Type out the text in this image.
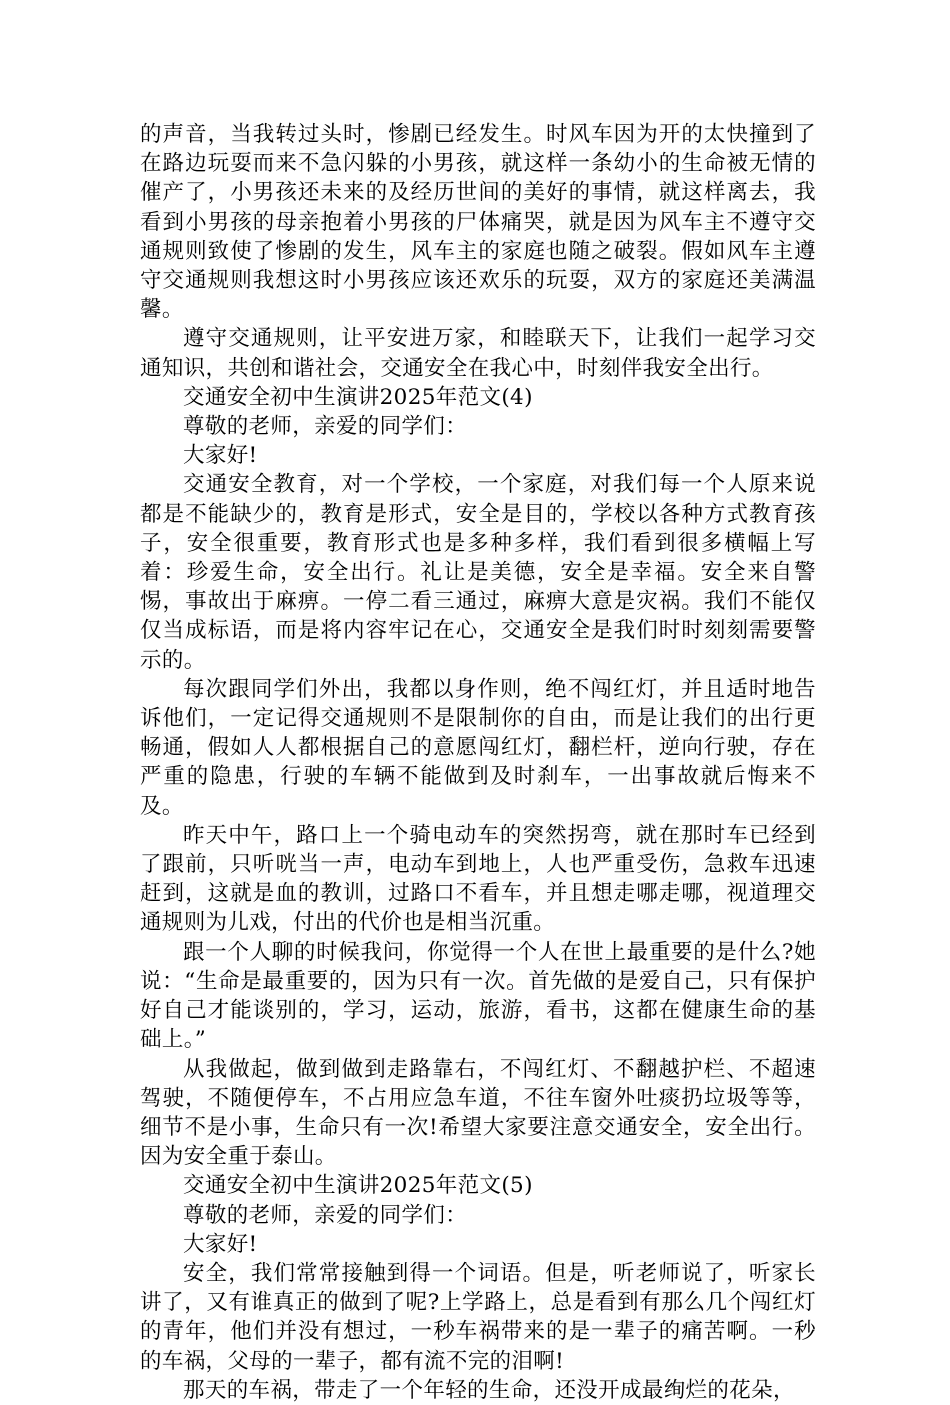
的声音，当我转过头时，惨剧已经发生。时风车因为开的太快撞到了在路边玩耍而来不急闪躲的小男孩，就这样一条幼小的生命被无情的催产了，小男孩还未来的及经历世间的美好的事情，就这样离去，我看到小男孩的母亲抱着小男孩的尸体痛哭，就是因为风车主不遵守交通规则致使了惨剧的发生，风车主的家庭也随之破裂。假如风车主遵守交通规则我想这时小男孩应该还欢乐的玩耍，双方的家庭还美满温馨。

遵守交通规则，让平安进万家，和睦联天下，让我们一起学习交通知识，共创和谐社会，交通安全在我心中，时刻伴我安全出行。

交通安全初中生演讲2025年范文(4)

尊敬的老师，亲爱的同学们：

大家好!

交通安全教育，对一个学校，一个家庭，对我们每一个人原来说都是不能缺少的，教育是形式，安全是目的，学校以各种方式教育孩子，安全很重要，教育形式也是多种多样，我们看到很多横幅上写着：珍爱生命，安全出行。礼让是美德，安全是幸福。安全来自警惕，事故出于麻痹。一停二看三通过，麻痹大意是灾祸。我们不能仅仅当成标语，而是将内容牢记在心，交通安全是我们时时刻刻需要警示的。

每次跟同学们外出，我都以身作则，绝不闯红灯，并且适时地告诉他们，一定记得交通规则不是限制你的自由，而是让我们的出行更畅通，假如人人都根据自己的意愿闯红灯，翻栏杆，逆向行驶，存在严重的隐患，行驶的车辆不能做到及时刹车，一出事故就后悔来不及。

昨天中午，路口上一个骑电动车的突然拐弯，就在那时车已经到了跟前，只听咣当一声，电动车到地上，人也严重受伤，急救车迅速赶到，这就是血的教训，过路口不看车，并且想走哪走哪，视道理交通规则为儿戏，付出的代价也是相当沉重。

跟一个人聊的时候我问，你觉得一个人在世上最重要的是什么?她说：“生命是最重要的，因为只有一次。首先做的是爱自己，只有保护好自己才能谈别的，学习，运动，旅游，看书，这都在健康生命的基础上。”

从我做起，做到做到走路靠右，不闯红灯、不翻越护栏、不超速驾驶，不随便停车，不占用应急车道，不往车窗外吐痰扔垃圾等等，细节不是小事，生命只有一次!希望大家要注意交通安全，安全出行。因为安全重于泰山。

交通安全初中生演讲2025年范文(5)

尊敬的老师，亲爱的同学们：

大家好!

安全，我们常常接触到得一个词语。但是，听老师说了，听家长讲了，又有谁真正的做到了呢?上学路上，总是看到有那么几个闯红灯的青年，他们并没有想过，一秒车祸带来的是一辈子的痛苦啊。一秒的车祸，父母的一辈子，都有流不完的泪啊!

那天的车祸，带走了一个年轻的生命，还没开成最绚烂的花朵，
